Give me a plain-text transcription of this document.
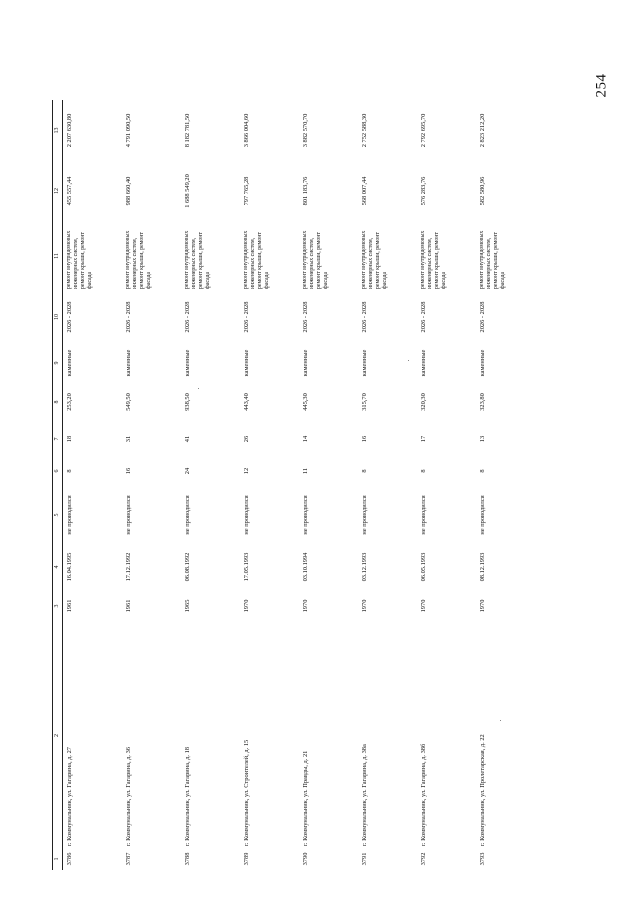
254
1	2	3	4	5	6	7	8	9	10	11	12	13
3786	г. Коммунальник, ул. Гагарина, д. 27	1961	16.04.1995	не проводился	8	18	253,20	каменные	2026 - 2028	ремонт внутридомовых инженерных систем, ремонт крыши, ремонт фасада	455 557,44	2 207 630,80
3787	г. Коммунальник, ул. Гагарина, д. 36	1961	17.12.1992	не проводился	16	31	549,50	каменные	2026 - 2028	ремонт внутридомовых инженерных систем, ремонт крыши, ремонт фасада	988 660,40	4 791 090,50
3788	г. Коммунальник, ул. Гагарина, д. 18	1965	06.08.1992	не проводился	24	41	938,50	каменные	2026 - 2028	ремонт внутридомовых инженерных систем, ремонт крыши, ремонт фасада	1 688 549,20	8 182 781,50
3789	г. Коммунальник, ул. Строителей, д. 15	1970	17.05.1993	не проводился	12	26	443,40	каменные	2026 - 2028	ремонт внутридомовых инженерных систем, ремонт крыши, ремонт фасада	797 765,28	3 866 004,60
3790	г. Коммунальник, ул. Правды, д. 21	1970	03.10.1994	не проводился	11	14	445,30	каменные	2026 - 2028	ремонт внутридомовых инженерных систем, ремонт крыши, ремонт фасада	801 183,76	3 882 570,70
3791	г. Коммунальник, ул. Гагарина, д. 38а	1970	03.12.1993	не проводился	8	16	315,70	каменные	2026 - 2028	ремонт внутридомовых инженерных систем, ремонт крыши, ремонт фасада	568 007,44	2 752 588,30
3792	г. Коммунальник, ул. Гагарина, д. 38б	1970	06.05.1993	не проводился	8	17	320,30	каменные	2026 - 2028	ремонт внутридомовых инженерных систем, ремонт крыши, ремонт фасада	576 283,76	2 792 695,70
3793	г. Коммунальник, ул. Пролетарская, д. 22	1970	08.12.1993	не проводился	8	13	323,80	каменные	2026 - 2028	ремонт внутридомовых инженерных систем, ремонт крыши, ремонт фасада	582 580,96	2 823 212,20
